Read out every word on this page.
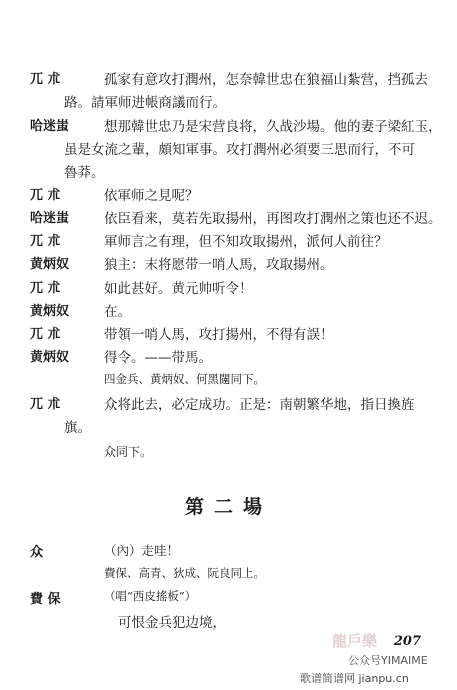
兀 朮	孤家有意攻打潤州，怎奈韓世忠在狼福山紮营，挡孤去
路。請軍师进帳商議而行。
哈迷蚩	想那韓世忠乃是宋营良将，久战沙場。他的妻子梁紅玉，
虽是女流之輩，頗知軍事。攻打潤州必須要三思而行，不可
魯莽。
兀 朮	依軍师之見呢？
哈迷蚩	依臣看来，莫若先取揚州，再图攻打潤州之策也还不迟。
兀 朮	軍师言之有理，但不知攻取揚州，派何人前往？
黄炳奴	狼主：末将愿带一哨人馬，攻取揚州。
兀 朮	如此甚好。黄元帅听令！
黄炳奴	在。
兀 朮	带領一哨人馬，攻打揚州，不得有誤！
黄炳奴	得令。——带馬。
四金兵、黄炳奴、何黑闥同下。
兀 朮	众将此去，必定成功。正是：南朝繁华地，指日換旌
旗。
众同下。
第二場
众	（內）走哇！
費保、高青、狄成、阮良同上。
費 保	（唱“西皮搖板”）
可恨金兵犯边境，
207
龍戶樂
公众号YIMAIME
歌谱简谱网 jianpu.cn
